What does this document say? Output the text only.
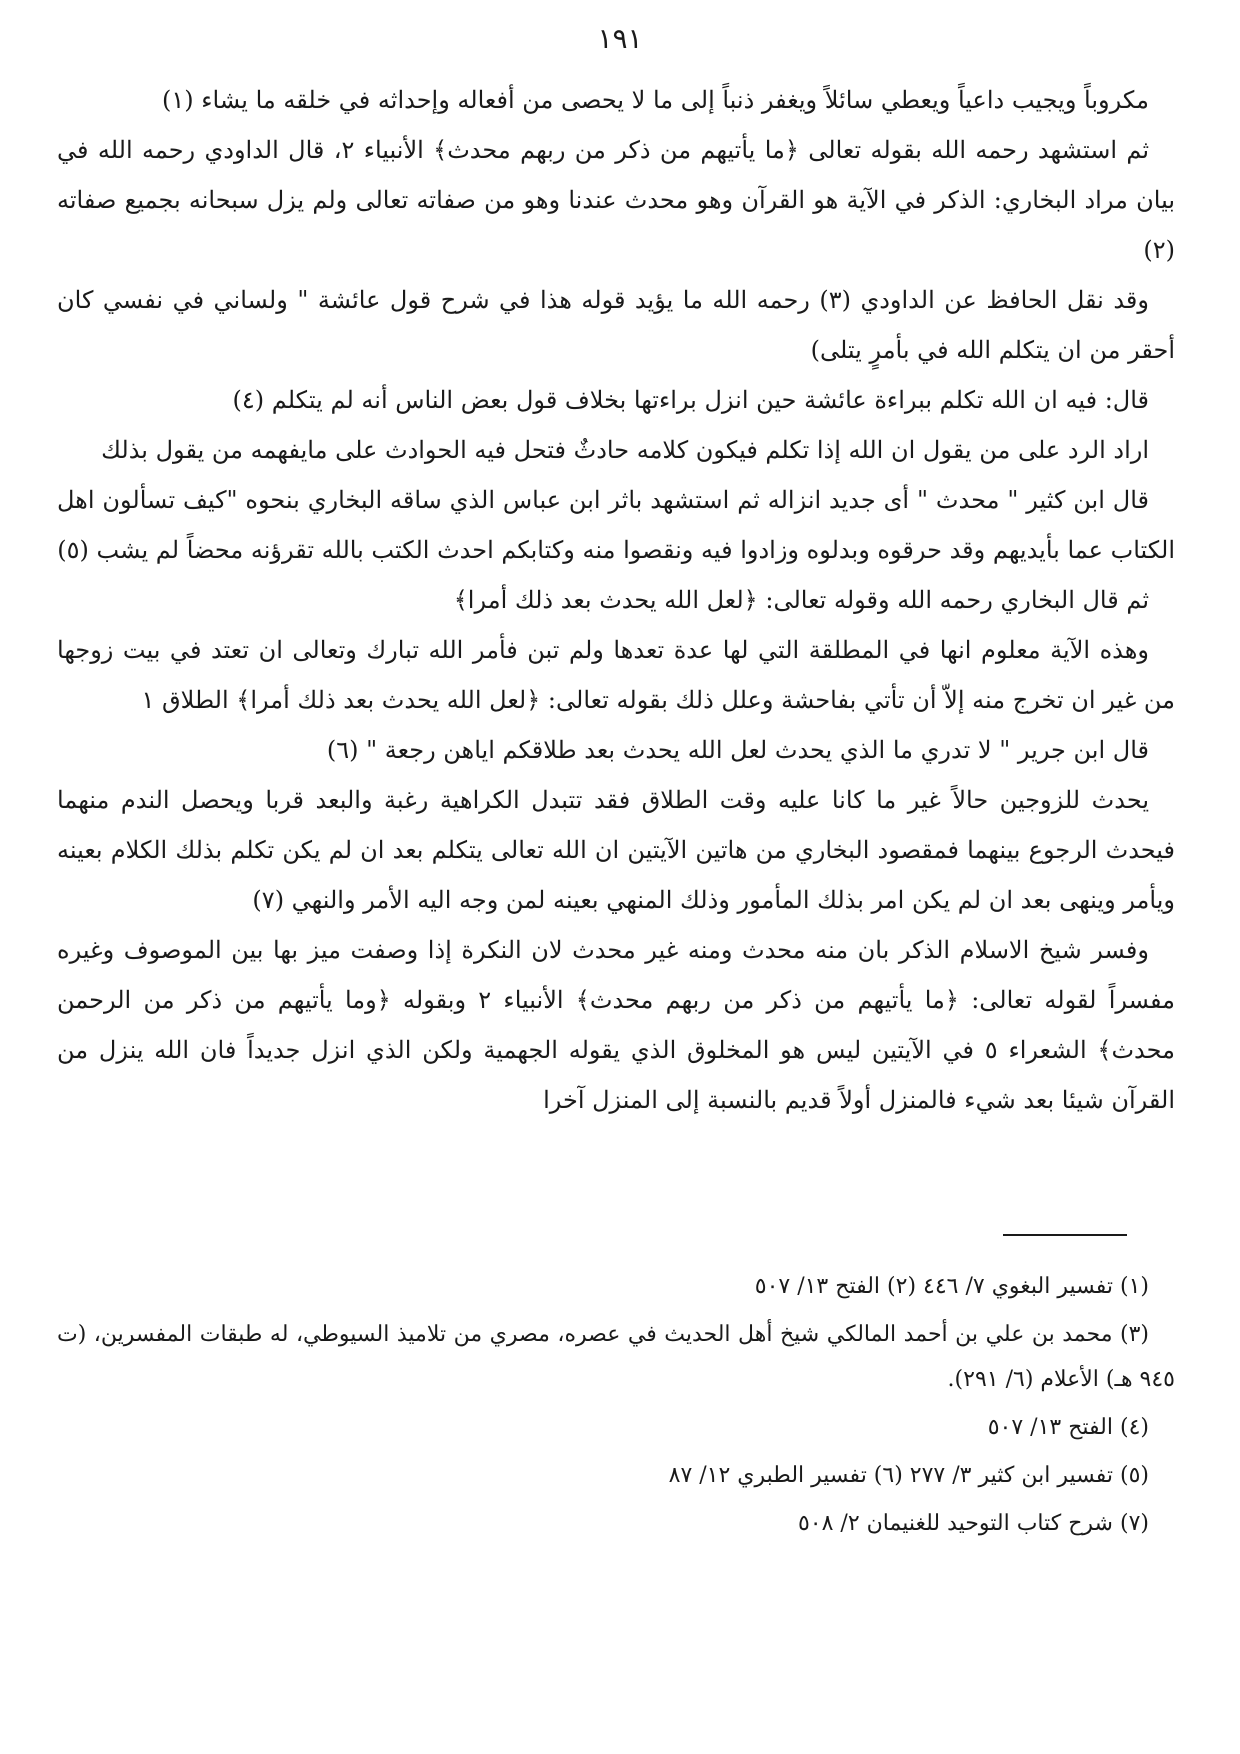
١٩١

مكروباً ويجيب داعياً ويعطي سائلاً ويغفر ذنباً إلى ما لا يحصى من أفعاله وإحداثه في خلقه ما يشاء (١)

ثم استشهد رحمه الله بقوله تعالى ﴿ما يأتيهم من ذكر من ربهم محدث﴾ الأنبياء ٢، قال الداودي رحمه الله في بيان مراد البخاري: الذكر في الآية هو القرآن وهو محدث عندنا وهو من صفاته تعالى ولم يزل سبحانه بجميع صفاته (٢)

وقد نقل الحافظ عن الداودي (٣) رحمه الله ما يؤيد قوله هذا في شرح قول عائشة " ولساني في نفسي كان أحقر من ان يتكلم الله في بأمرٍ يتلى)

قال: فيه ان الله تكلم ببراءة عائشة حين انزل براءتها بخلاف قول بعض الناس أنه لم يتكلم (٤)

اراد الرد على من يقول ان الله إذا تكلم فيكون كلامه حادثٌ فتحل فيه الحوادث على مايفهمه من يقول بذلك

قال ابن كثير " محدث " أى جديد انزاله ثم استشهد باثر ابن عباس الذي ساقه البخاري بنحوه "كيف تسألون اهل الكتاب عما بأيديهم وقد حرقوه وبدلوه وزادوا فيه ونقصوا منه وكتابكم احدث الكتب بالله تقرؤنه محضاً لم يشب (٥)

ثم قال البخاري رحمه الله وقوله تعالى: ﴿لعل الله يحدث بعد ذلك أمرا﴾

وهذه الآية معلوم انها في المطلقة التي لها عدة تعدها ولم تبن فأمر الله تبارك وتعالى ان تعتد في بيت زوجها من غير ان تخرج منه إلاّ أن تأتي بفاحشة وعلل ذلك بقوله تعالى: ﴿لعل الله يحدث بعد ذلك أمرا﴾ الطلاق ١

قال ابن جرير " لا تدري ما الذي يحدث لعل الله يحدث بعد طلاقكم اياهن رجعة " (٦)

يحدث للزوجين حالاً غير ما كانا عليه وقت الطلاق فقد تتبدل الكراهية رغبة والبعد قربا ويحصل الندم منهما فيحدث الرجوع بينهما فمقصود البخاري من هاتين الآيتين ان الله تعالى يتكلم بعد ان لم يكن تكلم بذلك الكلام بعينه ويأمر وينهى بعد ان لم يكن امر بذلك المأمور وذلك المنهي بعينه لمن وجه اليه الأمر والنهي (٧)

وفسر شيخ الاسلام الذكر بان منه محدث ومنه غير محدث لان النكرة إذا وصفت ميز بها بين الموصوف وغيره مفسراً لقوله تعالى: ﴿ما يأتيهم من ذكر من ربهم محدث﴾ الأنبياء ٢ وبقوله ﴿وما يأتيهم من ذكر من الرحمن محدث﴾ الشعراء ٥ في الآيتين ليس هو المخلوق الذي يقوله الجهمية ولكن الذي انزل جديداً فان الله ينزل من القرآن شيئا بعد شيء فالمنزل أولاً قديم بالنسبة إلى المنزل آخرا

(١) تفسير البغوي ٧/ ٤٤٦ (٢) الفتح ١٣/ ٥٠٧

(٣) محمد بن علي بن أحمد المالكي شيخ أهل الحديث في عصره، مصري من تلاميذ السيوطي، له طبقات المفسرين، (ت ٩٤٥ هـ) الأعلام (٦/ ٢٩١).

(٤) الفتح ١٣/ ٥٠٧

(٥) تفسير ابن كثير ٣/ ٢٧٧ (٦) تفسير الطبري ١٢/ ٨٧

(٧) شرح كتاب التوحيد للغنيمان ٢/ ٥٠٨
